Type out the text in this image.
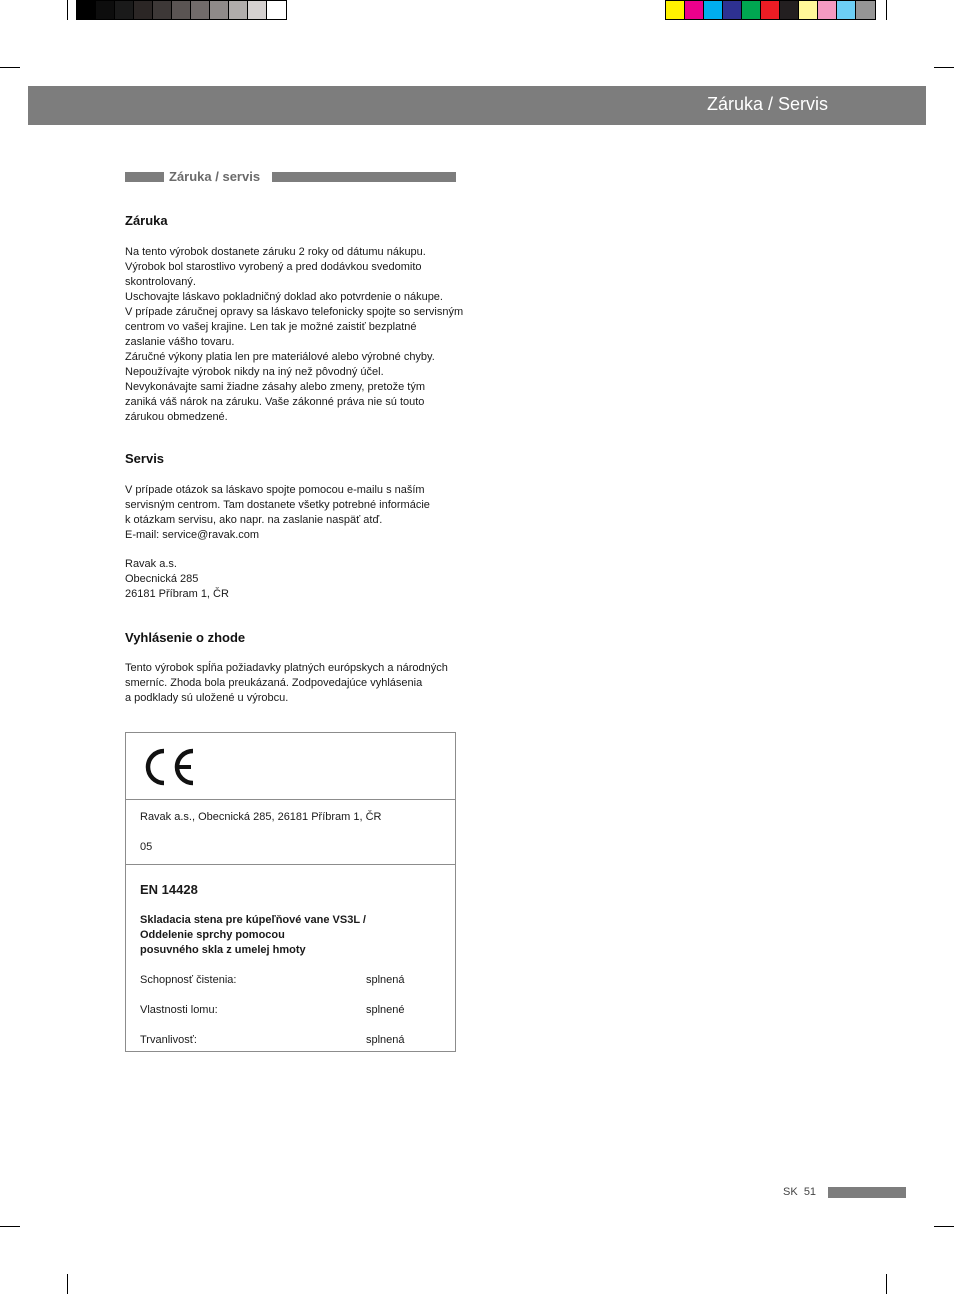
Záruka / Servis
Záruka / servis
Záruka
Na tento výrobok dostanete záruku 2 roky od dátumu nákupu.
Výrobok bol starostlivo vyrobený a pred dodávkou svedomito
skontrolovaný.
Uschovajte láskavo pokladničný doklad ako potvrdenie o nákupe.
V prípade záručnej opravy sa láskavo telefonicky spojte so servisným
centrom vo vašej krajine. Len tak je možné zaistiť bezplatné
zaslanie vášho tovaru.
Záručné výkony platia len pre materiálové alebo výrobné chyby.
Nepoužívajte výrobok nikdy na iný než pôvodný účel.
Nevykonávajte sami žiadne zásahy alebo zmeny, pretože tým
zaniká váš nárok na záruku. Vaše zákonné práva nie sú touto
zárukou obmedzené.
Servis
V prípade otázok sa láskavo spojte pomocou e-mailu s naším
servisným centrom. Tam dostanete všetky potrebné informácie
k otázkam servisu, ako napr. na zaslanie naspäť atď.
E-mail: service@ravak.com
Ravak a.s.
Obecnická 285
26181 Příbram 1, ČR
Vyhlásenie o zhode
Tento výrobok spĺňa požiadavky platných európskych a národných
smerníc. Zhoda bola preukázaná. Zodpovedajúce vyhlásenia
a podklady sú uložené u výrobcu.
Ravak a.s., Obecnická 285, 26181 Příbram 1, ČR
05
EN 14428
Skladacia stena pre kúpeľňové vane VS3L /
Oddelenie sprchy pomocou
posuvného skla z umelej hmoty
Schopnosť čistenia:	splnená
Vlastnosti lomu:	splnené
Trvanlivosť:	splnená
SK 51
